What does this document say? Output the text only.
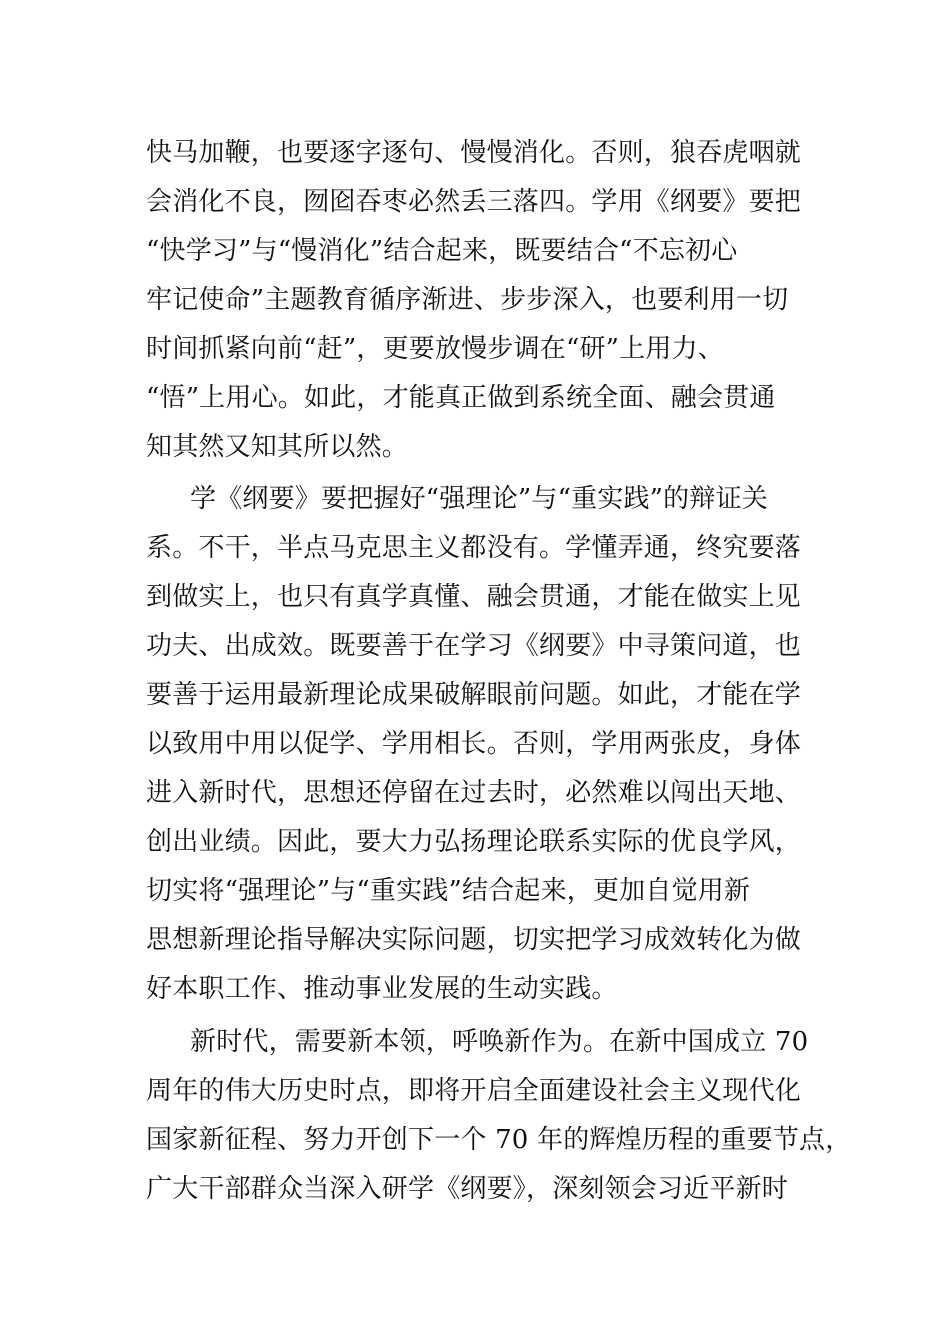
快马加鞭，也要逐字逐句、慢慢消化。否则，狼吞虎咽就
会消化不良，囫囵吞枣必然丢三落四。学用《纲要》要把
“快学习”与“慢消化”结合起来，既要结合“不忘初心
牢记使命”主题教育循序渐进、步步深入，也要利用一切
时间抓紧向前“赶”，更要放慢步调在“研”上用力、
“悟”上用心。如此，才能真正做到系统全面、融会贯通
知其然又知其所以然。
学《纲要》要把握好“强理论”与“重实践”的辩证关
系。不干，半点马克思主义都没有。学懂弄通，终究要落
到做实上，也只有真学真懂、融会贯通，才能在做实上见
功夫、出成效。既要善于在学习《纲要》中寻策问道，也
要善于运用最新理论成果破解眼前问题。如此，才能在学
以致用中用以促学、学用相长。否则，学用两张皮，身体
进入新时代，思想还停留在过去时，必然难以闯出天地、
创出业绩。因此，要大力弘扬理论联系实际的优良学风，
切实将“强理论”与“重实践”结合起来，更加自觉用新
思想新理论指导解决实际问题，切实把学习成效转化为做
好本职工作、推动事业发展的生动实践。
新时代，需要新本领，呼唤新作为。在新中国成立 70
周年的伟大历史时点，即将开启全面建设社会主义现代化
国家新征程、努力开创下一个 70 年的辉煌历程的重要节点，
广大干部群众当深入研学《纲要》，深刻领会习近平新时
